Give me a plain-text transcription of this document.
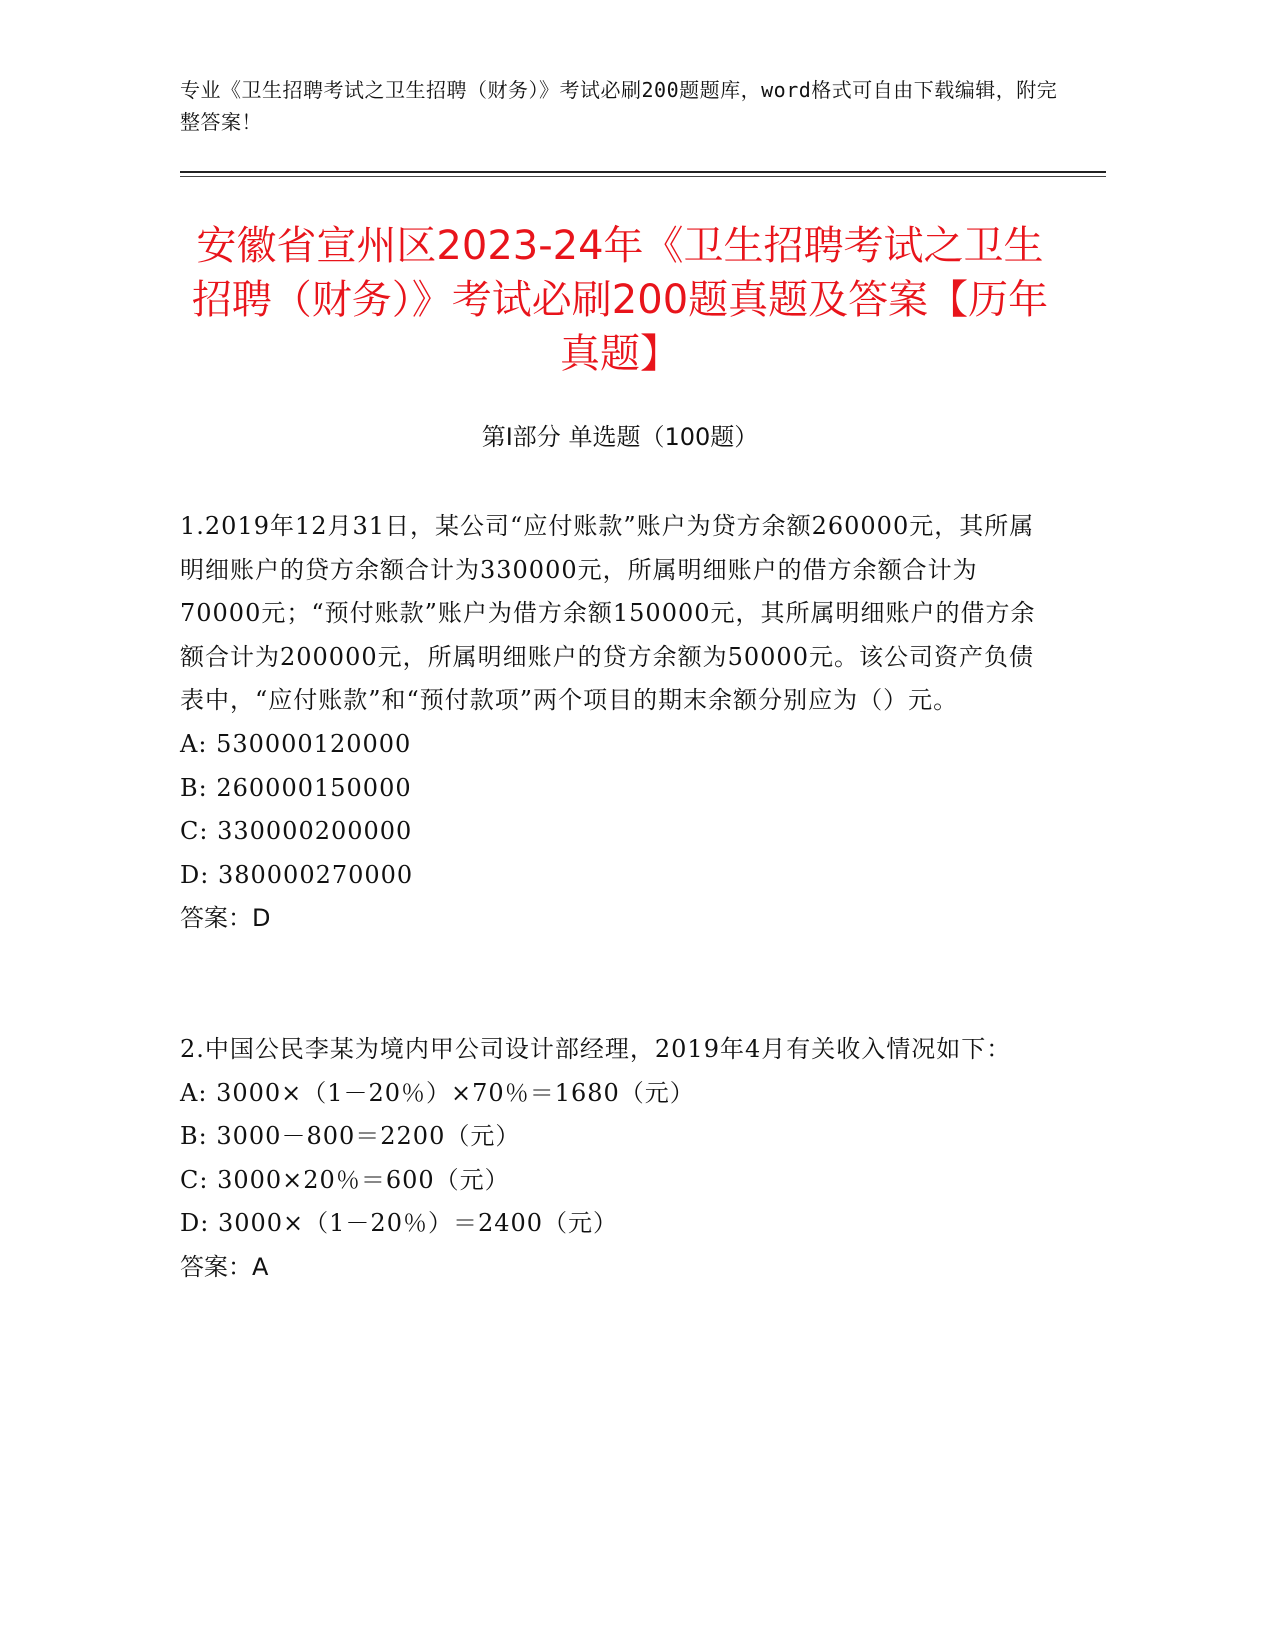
专业《卫生招聘考试之卫生招聘（财务）》考试必刷200题题库，word格式可自由下载编辑，附完整答案！
安徽省宣州区2023-24年《卫生招聘考试之卫生招聘（财务）》考试必刷200题真题及答案【历年真题】
第Ⅰ部分 单选题（100题）

1.2019年12月31日，某公司“应付账款”账户为贷方余额260000元，其所属明细账户的贷方余额合计为330000元，所属明细账户的借方余额合计为70000元；“预付账款”账户为借方余额150000元，其所属明细账户的借方余额合计为200000元，所属明细账户的贷方余额为50000元。该公司资产负债表中，“应付账款”和“预付款项”两个项目的期末余额分别应为（）元。

A: 530000120000

B: 260000150000

C: 330000200000

D: 380000270000

答案：D

2.中国公民李某为境内甲公司设计部经理，2019年4月有关收入情况如下：

A: 3000×（1－20％）×70％＝1680（元）

B: 3000－800＝2200（元）

C: 3000×20％＝600（元）

D: 3000×（1－20％）＝2400（元）

答案：A
